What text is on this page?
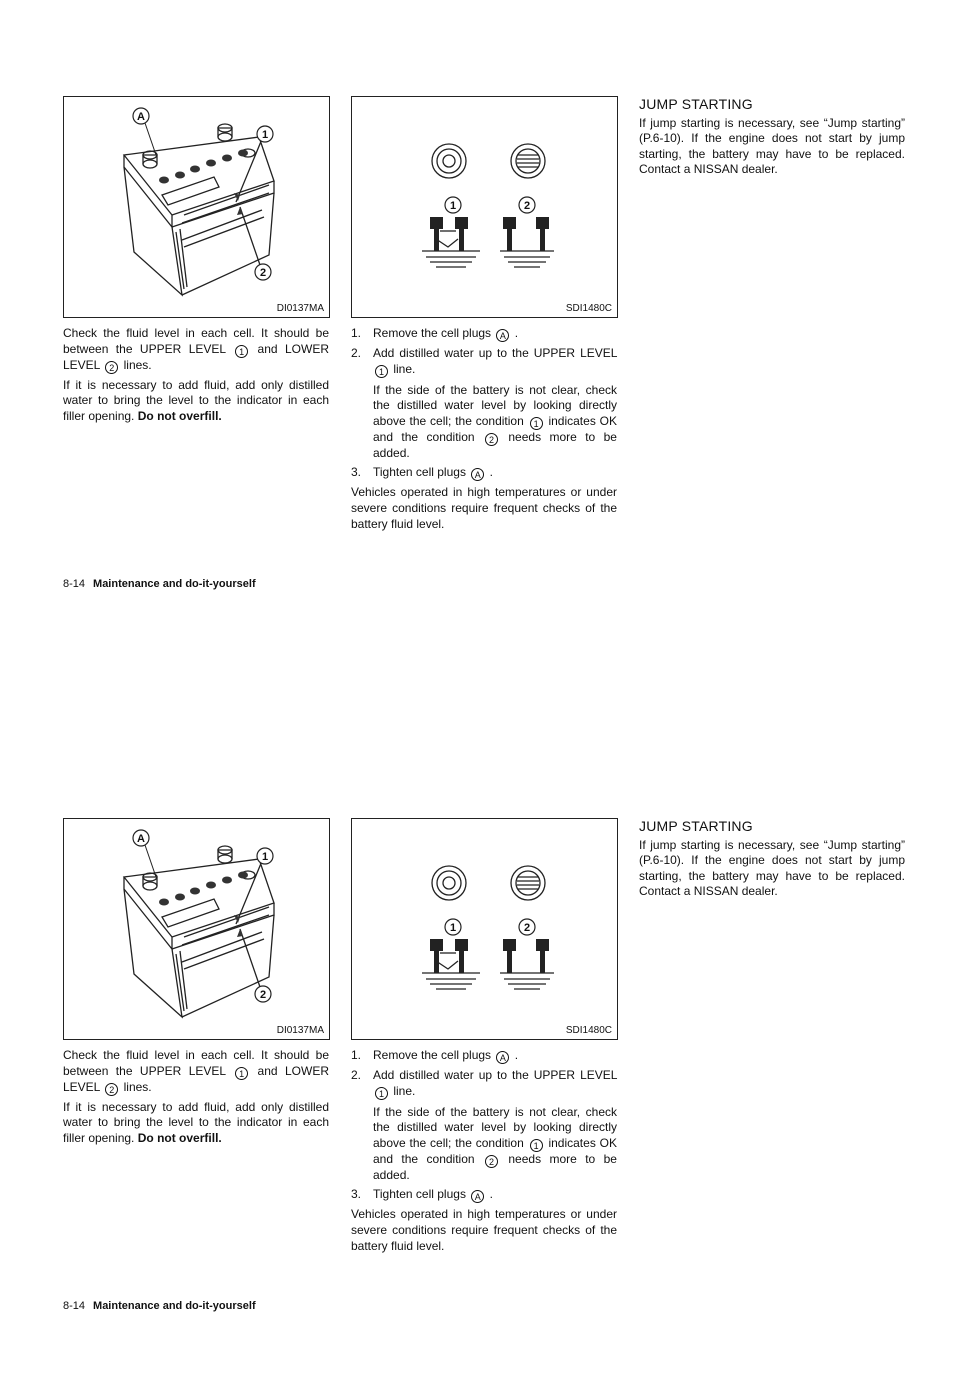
A
1
2
DI0137MA
1	2
SDI1480C

Check the fluid level in each cell. It should be between the UPPER LEVEL 1 and LOWER LEVEL 2 lines.

If it is necessary to add fluid, add only distilled water to bring the level to the indicator in each filler opening. Do not overfill.

1. Remove the cell plugs A .
2. Add distilled water up to the UPPER LEVEL 1 line.
If the side of the battery is not clear, check the distilled water level by looking directly above the cell; the condition 1 indicates OK and the condition 2 needs more to be added.
3. Tighten cell plugs A .

Vehicles operated in high temperatures or under severe conditions require frequent checks of the battery fluid level.

JUMP STARTING

If jump starting is necessary, see “Jump starting” (P.6-10). If the engine does not start by jump starting, the battery may have to be replaced. Contact a NISSAN dealer.

8-14 Maintenance and do-it-yourself
A
1
2
DI0137MA
1	2
SDI1480C

Check the fluid level in each cell. It should be between the UPPER LEVEL 1 and LOWER LEVEL 2 lines.

If it is necessary to add fluid, add only distilled water to bring the level to the indicator in each filler opening. Do not overfill.

1. Remove the cell plugs A .
2. Add distilled water up to the UPPER LEVEL 1 line.
If the side of the battery is not clear, check the distilled water level by looking directly above the cell; the condition 1 indicates OK and the condition 2 needs more to be added.
3. Tighten cell plugs A .

Vehicles operated in high temperatures or under severe conditions require frequent checks of the battery fluid level.

JUMP STARTING

If jump starting is necessary, see “Jump starting” (P.6-10). If the engine does not start by jump starting, the battery may have to be replaced. Contact a NISSAN dealer.

8-14 Maintenance and do-it-yourself
